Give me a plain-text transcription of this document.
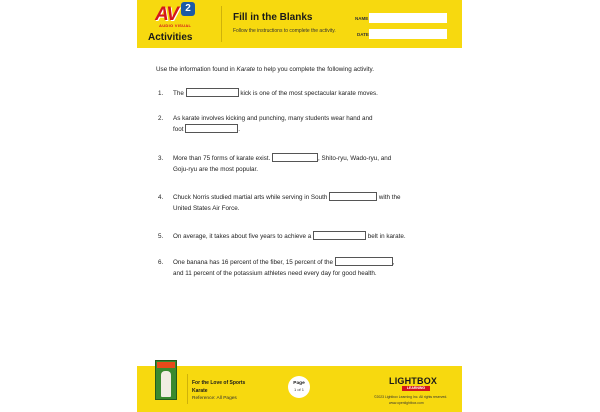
AV 2
AUDIO VISUAL
Activities
Fill in the Blanks
Follow the instructions to complete the activity.
NAME
DATE
Use the information found in Karate to help you complete the following activity.
1. The	kick is one of the most spectacular karate moves.
2. As karate involves kicking and punching, many students wear hand and
foot	.
3. More than 75 forms of karate exist.	, Shito-ryu, Wado-ryu, and
Goju-ryu are the most popular.
4. Chuck Norris studied martial arts while serving in South	with the
United States Air Force.
5. On average, it takes about five years to achieve a	belt in karate.
6. One banana has 16 percent of the fiber, 15 percent of the	,
and 11 percent of the potassium athletes need every day for good health.
For the Love of Sports
Karate
Reference: All Pages
Page
1 of 1
LIGHTBOX
LEARNING
©2023 Lightbox Learning Inc. All rights reserved.
www.openlightbox.com
